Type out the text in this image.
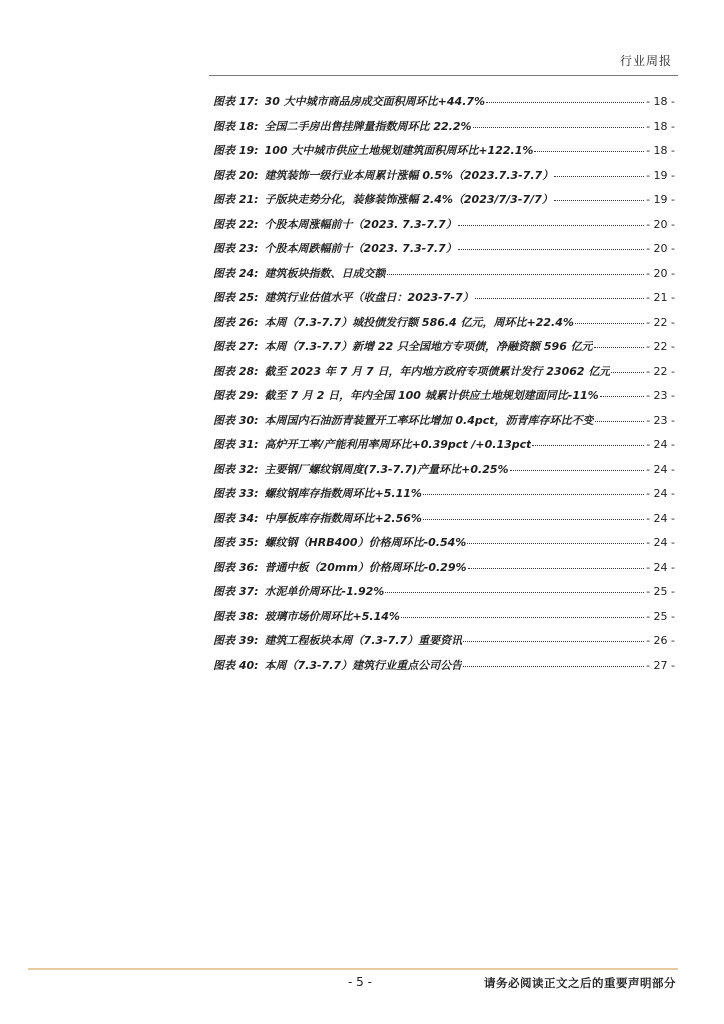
行业周报
图表 17: 30 大中城市商品房成交面积周环比+44.7%	- 18 -
图表 18: 全国二手房出售挂牌量指数周环比 22.2%	- 18 -
图表 19: 100 大中城市供应土地规划建筑面积周环比+122.1%	- 18 -
图表 20: 建筑装饰一级行业本周累计涨幅 0.5%（2023.7.3-7.7）	- 19 -
图表 21: 子版块走势分化，装修装饰涨幅 2.4%（2023/7/3-7/7）	- 19 -
图表 22: 个股本周涨幅前十（2023. 7.3-7.7）	- 20 -
图表 23: 个股本周跌幅前十（2023. 7.3-7.7）	- 20 -
图表 24: 建筑板块指数、日成交额	- 20 -
图表 25: 建筑行业估值水平（收盘日：2023-7-7）	- 21 -
图表 26: 本周（7.3-7.7）城投债发行额 586.4 亿元，周环比+22.4%	- 22 -
图表 27: 本周（7.3-7.7）新增 22 只全国地方专项债，净融资额 596 亿元	- 22 -
图表 28: 截至 2023 年 7 月 7 日，年内地方政府专项债累计发行 23062 亿元	- 22 -
图表 29: 截至 7 月 2 日，年内全国 100 城累计供应土地规划建面同比-11%	- 23 -
图表 30: 本周国内石油沥青装置开工率环比增加 0.4pct，沥青库存环比不变	- 23 -
图表 31: 高炉开工率/产能利用率周环比+0.39pct /+0.13pct	- 24 -
图表 32: 主要钢厂螺纹钢周度(7.3-7.7)产量环比+0.25%	- 24 -
图表 33: 螺纹钢库存指数周环比+5.11%	- 24 -
图表 34: 中厚板库存指数周环比+2.56%	- 24 -
图表 35: 螺纹钢（HRB400）价格周环比-0.54%	- 24 -
图表 36: 普通中板（20mm）价格周环比-0.29%	- 24 -
图表 37: 水泥单价周环比-1.92%	- 25 -
图表 38: 玻璃市场价周环比+5.14%	- 25 -
图表 39: 建筑工程板块本周（7.3-7.7）重要资讯	- 26 -
图表 40: 本周（7.3-7.7）建筑行业重点公司公告	- 27 -
- 5 -	请务必阅读正文之后的重要声明部分
